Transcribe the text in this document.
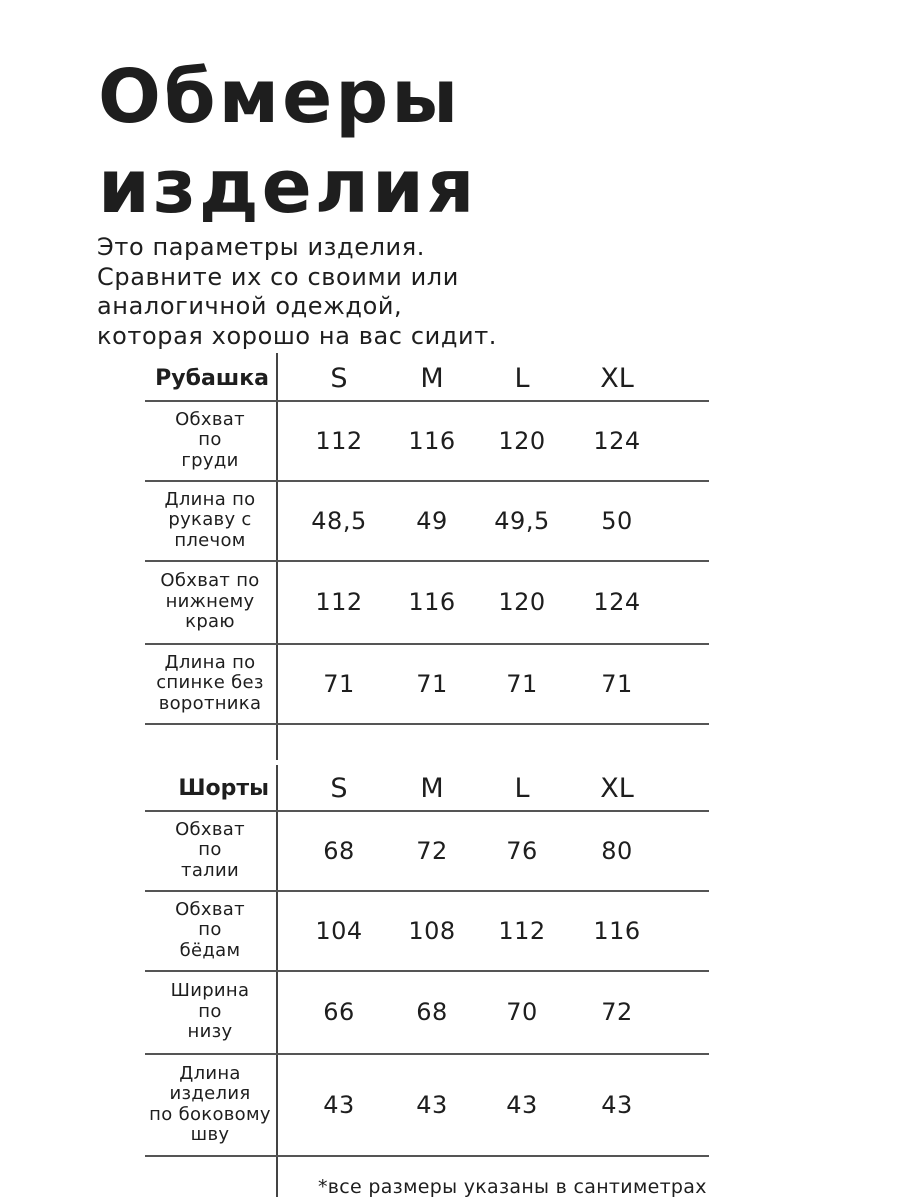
Обмеры
изделия
Это параметры изделия.
Сравните их со своими или
аналогичной одеждой,
которая хорошо на вас сидит.
Рубашка	S	M	L	XL
Обхват
по
груди
112	116	120	124
Длина по
рукаву с
плечом
48,5	49	49,5	50
Обхват по
нижнему
краю
112	116	120	124
Длина по
спинке без
воротника
71	71	71	71
Шорты	S	M	L	XL
Обхват
по
талии
68	72	76	80
Обхват
по
бёдам
104	108	112	116
Ширина
по
низу
66	68	70	72
Длина
изделия
по боковому
шву
43	43	43	43
*все размеры указаны в сантиметрах
